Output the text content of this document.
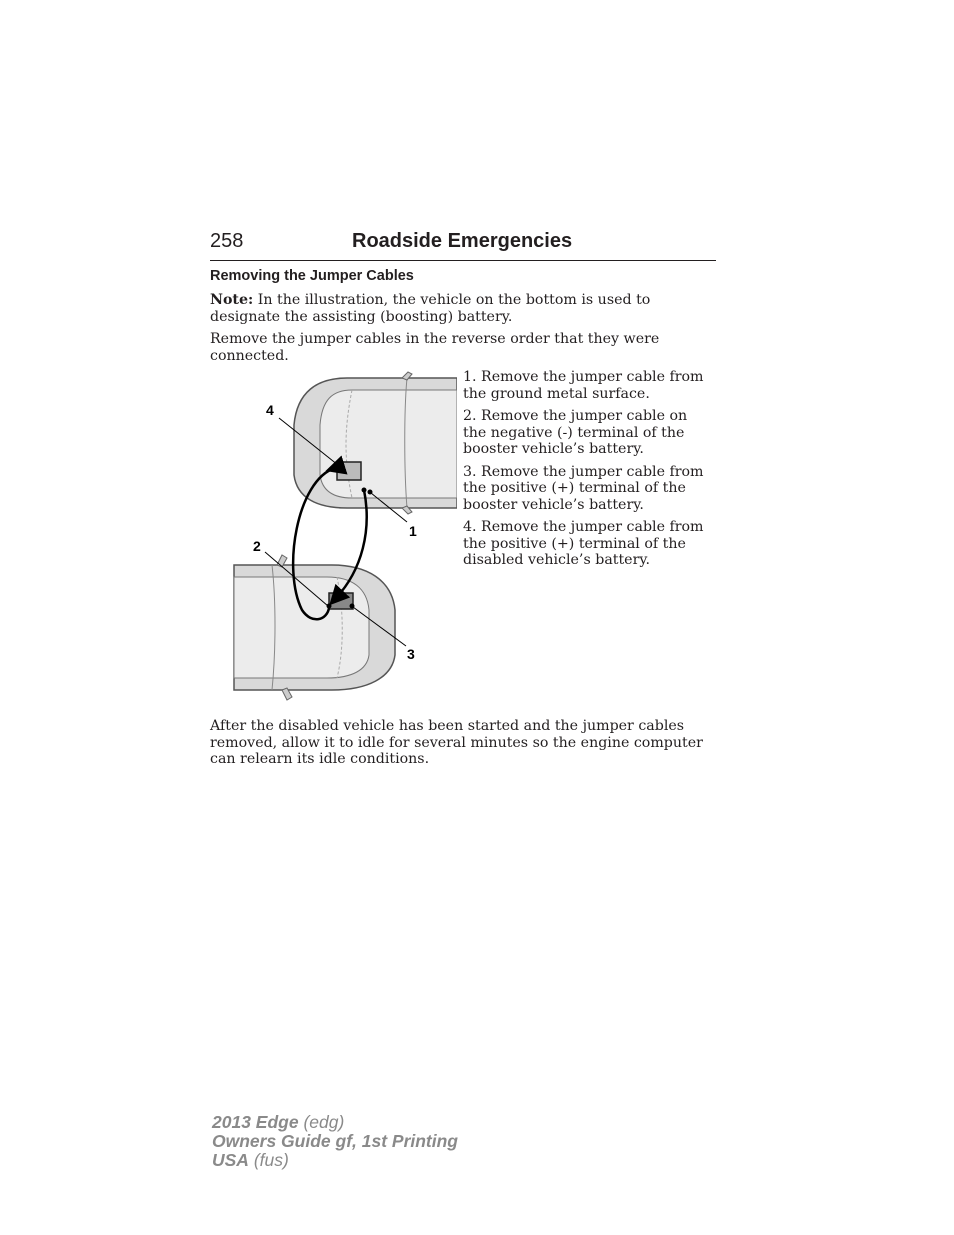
258	Roadside Emergencies
Removing the Jumper Cables

Note: In the illustration, the vehicle on the bottom is used to designate the assisting (boosting) battery.

Remove the jumper cables in the reverse order that they were connected.

1. Remove the jumper cable from the ground metal surface.
2. Remove the jumper cable on the negative (-) terminal of the booster vehicle’s battery.
3. Remove the jumper cable from the positive (+) terminal of the booster vehicle’s battery.
4. Remove the jumper cable from the positive (+) terminal of the disabled vehicle’s battery.
1
2
3
4

After the disabled vehicle has been started and the jumper cables removed, allow it to idle for several minutes so the engine computer can relearn its idle conditions.

2013 Edge (edg)
Owners Guide gf, 1st Printing
USA (fus)
